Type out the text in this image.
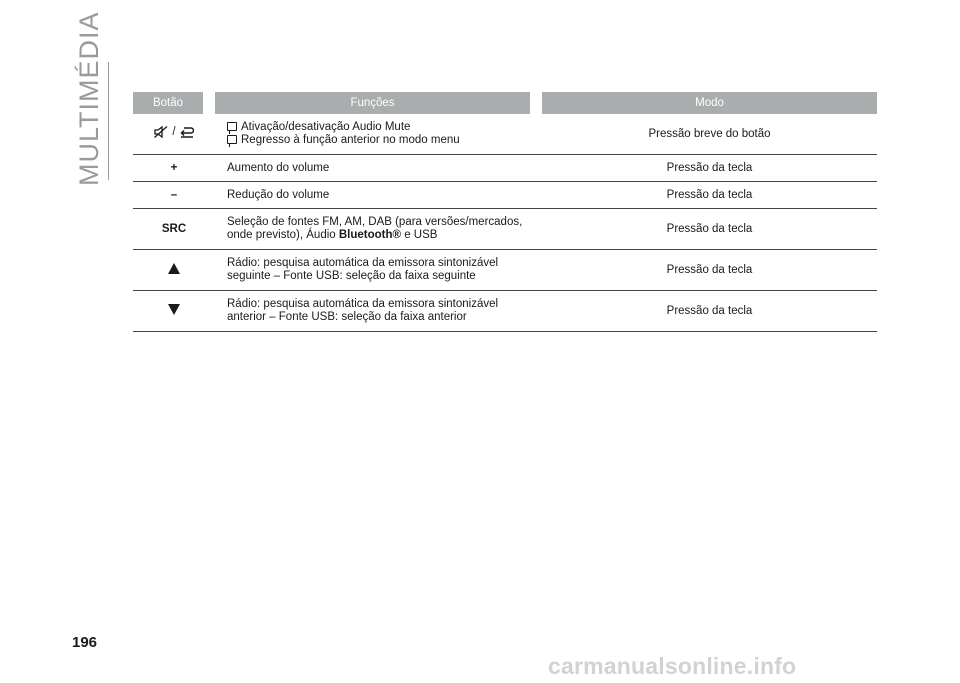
MULTIMÉDIA	Botão	Funções	Modo

/	Ativação/desativação Audio Mute
Regresso à função anterior no modo menu	Pressão breve do botão
+	Aumento do volume	Pressão da tecla
–	Redução do volume	Pressão da tecla
SRC	Seleção de fontes FM, AM, DAB (para versões/mercados,
onde previsto), Áudio Bluetooth® e USB	Pressão da tecla

	Rádio: pesquisa automática da emissora sintonizável
seguinte – Fonte USB: seleção da faixa seguinte	Pressão da tecla

	Rádio: pesquisa automática da emissora sintonizável
anterior – Fonte USB: seleção da faixa anterior	Pressão da tecla
196
carmanualsonline.info
